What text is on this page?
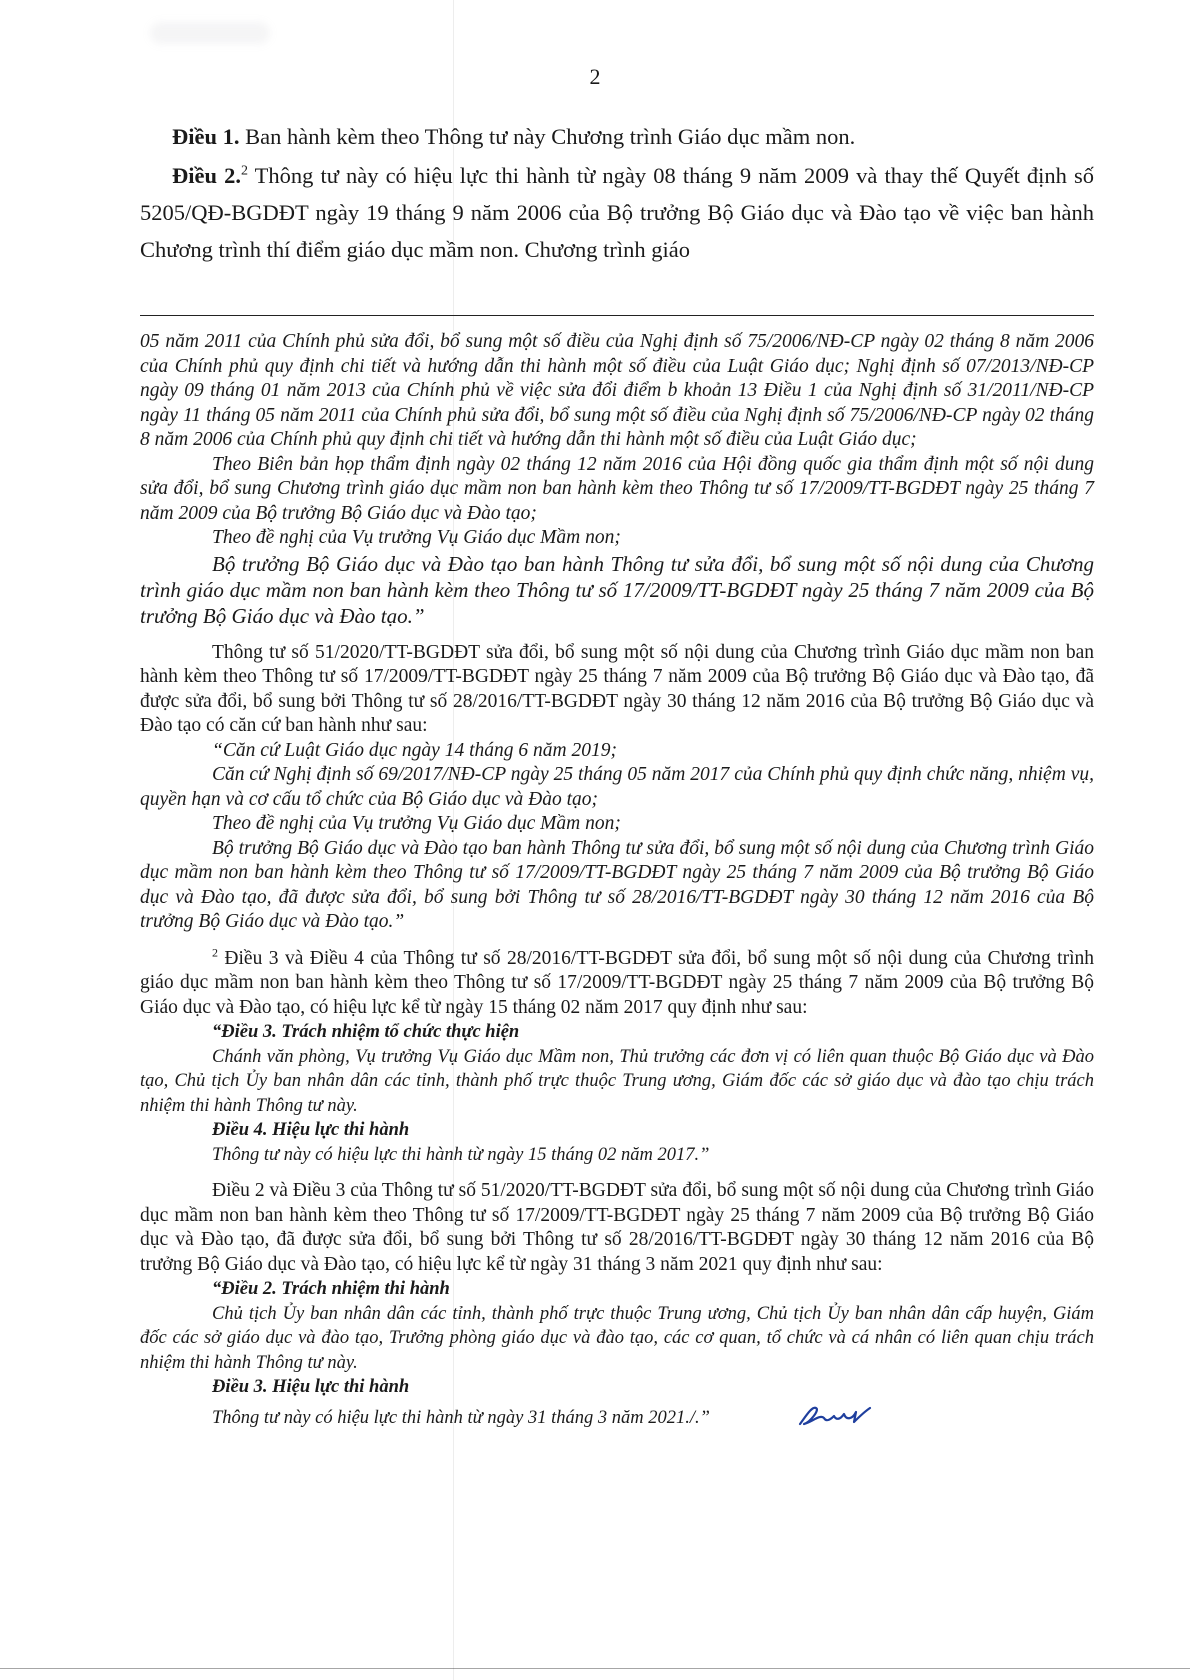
2

Điều 1. Ban hành kèm theo Thông tư này Chương trình Giáo dục mầm non.

Điều 2.$^2$ Thông tư này có hiệu lực thi hành từ ngày 08 tháng 9 năm 2009 và thay thế Quyết định số 5205/QĐ-BGDĐT ngày 19 tháng 9 năm 2006 của Bộ trưởng Bộ Giáo dục và Đào tạo về việc ban hành Chương trình thí điểm giáo dục mầm non. Chương trình giáo

05 năm 2011 của Chính phủ sửa đổi, bổ sung một số điều của Nghị định số 75/2006/NĐ-CP ngày 02 tháng 8 năm 2006 của Chính phủ quy định chi tiết và hướng dẫn thi hành một số điều của Luật Giáo dục; Nghị định số 07/2013/NĐ-CP ngày 09 tháng 01 năm 2013 của Chính phủ về việc sửa đổi điểm b khoản 13 Điều 1 của Nghị định số 31/2011/NĐ-CP ngày 11 tháng 05 năm 2011 của Chính phủ sửa đổi, bổ sung một số điều của Nghị định số 75/2006/NĐ-CP ngày 02 tháng 8 năm 2006 của Chính phủ quy định chi tiết và hướng dẫn thi hành một số điều của Luật Giáo dục;

Theo Biên bản họp thẩm định ngày 02 tháng 12 năm 2016 của Hội đồng quốc gia thẩm định một số nội dung sửa đổi, bổ sung Chương trình giáo dục mầm non ban hành kèm theo Thông tư số 17/2009/TT-BGDĐT ngày 25 tháng 7 năm 2009 của Bộ trưởng Bộ Giáo dục và Đào tạo;

Theo đề nghị của Vụ trưởng Vụ Giáo dục Mầm non;

Bộ trưởng Bộ Giáo dục và Đào tạo ban hành Thông tư sửa đổi, bổ sung một số nội dung của Chương trình giáo dục mầm non ban hành kèm theo Thông tư số 17/2009/TT-BGDĐT ngày 25 tháng 7 năm 2009 của Bộ trưởng Bộ Giáo dục và Đào tạo.”

Thông tư số 51/2020/TT-BGDĐT sửa đổi, bổ sung một số nội dung của Chương trình Giáo dục mầm non ban hành kèm theo Thông tư số 17/2009/TT-BGDĐT ngày 25 tháng 7 năm 2009 của Bộ trưởng Bộ Giáo dục và Đào tạo, đã được sửa đổi, bổ sung bởi Thông tư số 28/2016/TT-BGDĐT ngày 30 tháng 12 năm 2016 của Bộ trưởng Bộ Giáo dục và Đào tạo có căn cứ ban hành như sau:

“Căn cứ Luật Giáo dục ngày 14 tháng 6 năm 2019;

Căn cứ Nghị định số 69/2017/NĐ-CP ngày 25 tháng 05 năm 2017 của Chính phủ quy định chức năng, nhiệm vụ, quyền hạn và cơ cấu tổ chức của Bộ Giáo dục và Đào tạo;

Theo đề nghị của Vụ trưởng Vụ Giáo dục Mầm non;

Bộ trưởng Bộ Giáo dục và Đào tạo ban hành Thông tư sửa đổi, bổ sung một số nội dung của Chương trình Giáo dục mầm non ban hành kèm theo Thông tư số 17/2009/TT-BGDĐT ngày 25 tháng 7 năm 2009 của Bộ trưởng Bộ Giáo dục và Đào tạo, đã được sửa đổi, bổ sung bởi Thông tư số 28/2016/TT-BGDĐT ngày 30 tháng 12 năm 2016 của Bộ trưởng Bộ Giáo dục và Đào tạo.”

$^2$ Điều 3 và Điều 4 của Thông tư số 28/2016/TT-BGDĐT sửa đổi, bổ sung một số nội dung của Chương trình giáo dục mầm non ban hành kèm theo Thông tư số 17/2009/TT-BGDĐT ngày 25 tháng 7 năm 2009 của Bộ trưởng Bộ Giáo dục và Đào tạo, có hiệu lực kể từ ngày 15 tháng 02 năm 2017 quy định như sau:

“Điều 3. Trách nhiệm tổ chức thực hiện

Chánh văn phòng, Vụ trưởng Vụ Giáo dục Mầm non, Thủ trưởng các đơn vị có liên quan thuộc Bộ Giáo dục và Đào tạo, Chủ tịch Ủy ban nhân dân các tỉnh, thành phố trực thuộc Trung ương, Giám đốc các sở giáo dục và đào tạo chịu trách nhiệm thi hành Thông tư này.

Điều 4. Hiệu lực thi hành

Thông tư này có hiệu lực thi hành từ ngày 15 tháng 02 năm 2017.”

Điều 2 và Điều 3 của Thông tư số 51/2020/TT-BGDĐT sửa đổi, bổ sung một số nội dung của Chương trình Giáo dục mầm non ban hành kèm theo Thông tư số 17/2009/TT-BGDĐT ngày 25 tháng 7 năm 2009 của Bộ trưởng Bộ Giáo dục và Đào tạo, đã được sửa đổi, bổ sung bởi Thông tư số 28/2016/TT-BGDĐT ngày 30 tháng 12 năm 2016 của Bộ trưởng Bộ Giáo dục và Đào tạo, có hiệu lực kể từ ngày 31 tháng 3 năm 2021 quy định như sau:

“Điều 2. Trách nhiệm thi hành

Chủ tịch Ủy ban nhân dân các tỉnh, thành phố trực thuộc Trung ương, Chủ tịch Ủy ban nhân dân cấp huyện, Giám đốc các sở giáo dục và đào tạo, Trưởng phòng giáo dục và đào tạo, các cơ quan, tổ chức và cá nhân có liên quan chịu trách nhiệm thi hành Thông tư này.

Điều 3. Hiệu lực thi hành

Thông tư này có hiệu lực thi hành từ ngày 31 tháng 3 năm 2021./.”
